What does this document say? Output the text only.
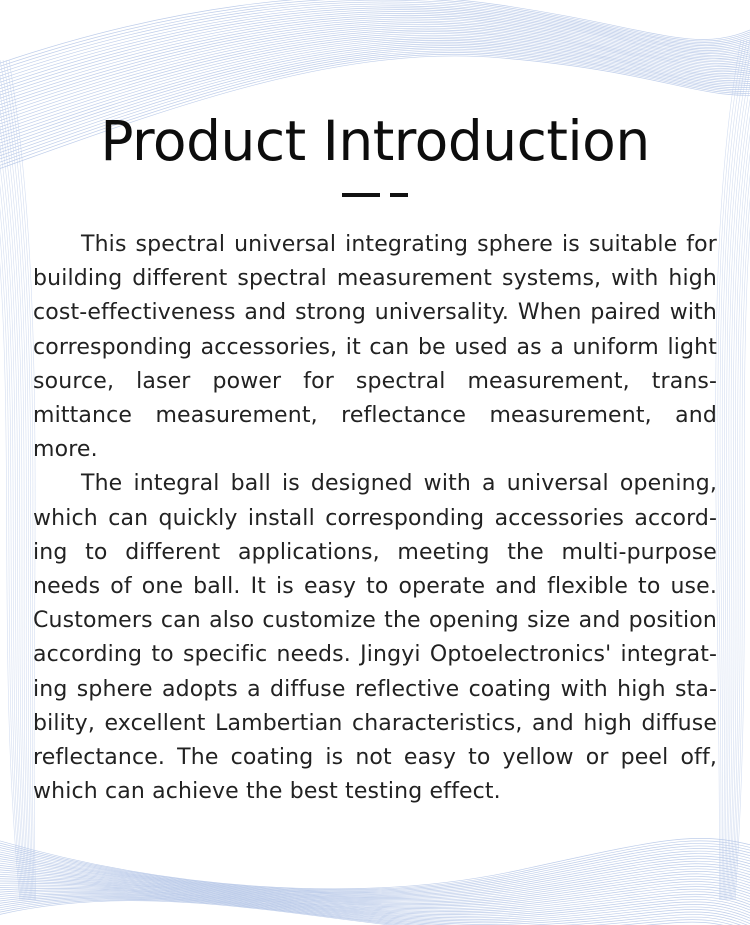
Product Introduction

This spectral universal integrating sphere is suitable for building different spectral measurement systems, with high cost-effectiveness and strong universality. When paired with corresponding accessories, it can be used as a uniform light source, laser power for spectral measurement, transmittance measurement, reflectance measurement, and more.

The integral ball is designed with a universal opening, which can quickly install corresponding accessories according to different applications, meeting the multi-purpose needs of one ball. It is easy to operate and flexible to use. Customers can also customize the opening size and position according to specific needs. Jingyi Optoelectronics' integrating sphere adopts a diffuse reflective coating with high stability, excellent Lambertian characteristics, and high diffuse reflectance. The coating is not easy to yellow or peel off, which can achieve the best testing effect.
